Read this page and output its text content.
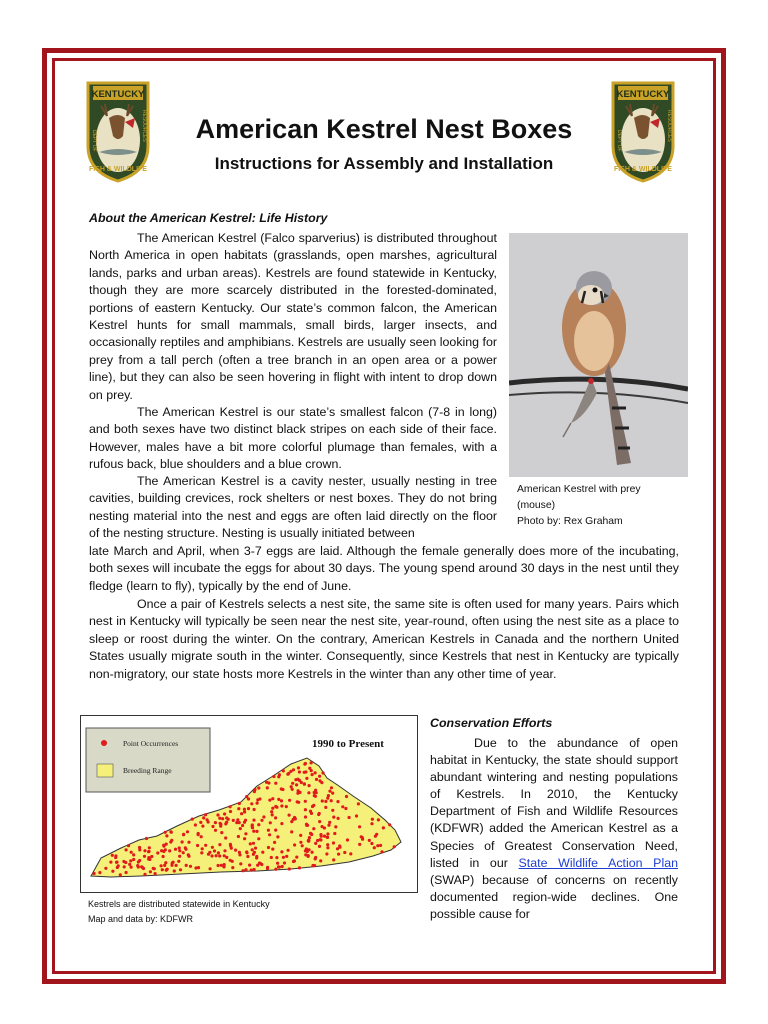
KENTUCKY
DEPT OF	RESOURCES
FISH & WILDLIFE
KENTUCKY
DEPT OF	RESOURCES
FISH & WILDLIFE
American Kestrel Nest Boxes
Instructions for Assembly and Installation
About the American Kestrel: Life History

The American Kestrel (Falco sparverius) is distributed throughout North America in open habitats (grasslands, open marshes, agricultural lands, parks and urban areas). Kestrels are found statewide in Kentucky, though they are more scarcely distributed in the forested-dominated, portions of eastern Kentucky. Our state’s common falcon, the American Kestrel hunts for small mammals, small birds, larger insects, and occasionally reptiles and amphibians. Kestrels are usually seen looking for prey from a tall perch (often a tree branch in an open area or a power line), but they can also be seen hovering in flight with intent to drop down on prey.

The American Kestrel is our state’s smallest falcon (7-8 in long) and both sexes have two distinct black stripes on each side of their face. However, males have a bit more colorful plumage than females, with a rufous back, blue shoulders and a blue crown.

The American Kestrel is a cavity nester, usually nesting in tree cavities, building crevices, rock shelters or nest boxes. They do not bring nesting material into the nest and eggs are often laid directly on the floor of the nesting structure. Nesting is usually initiated between

late March and April, when 3-7 eggs are laid. Although the female generally does more of the incubating, both sexes will incubate the eggs for about 30 days. The young spend around 30 days in the nest until they fledge (learn to fly), typically by the end of June.

Once a pair of Kestrels selects a nest site, the same site is often used for many years. Pairs which nest in Kentucky will typically be seen near the nest site, year-round, often using the nest site as a place to sleep or roost during the winter. On the contrary, American Kestrels in Canada and the northern United States usually migrate south in the winter. Consequently, since Kestrels that nest in Kentucky are typically non-migratory, our state hosts more Kestrels in the winter than any other time of year.

American Kestrel with prey
(mouse)
Photo by: Rex Graham
Point Occurrences
Breeding Range
1990 to Present
Kestrels are distributed statewide in Kentucky
Map and data by: KDFWR
Conservation Efforts

Due to the abundance of open habitat in Kentucky, the state should support abundant wintering and nesting populations of Kestrels. In 2010, the Kentucky Department of Fish and Wildlife Resources (KDFWR) added the American Kestrel as a Species of Greatest Conservation Need, listed in our State Wildlife Action Plan (SWAP) because of concerns on recently documented region-wide declines. One possible cause for
